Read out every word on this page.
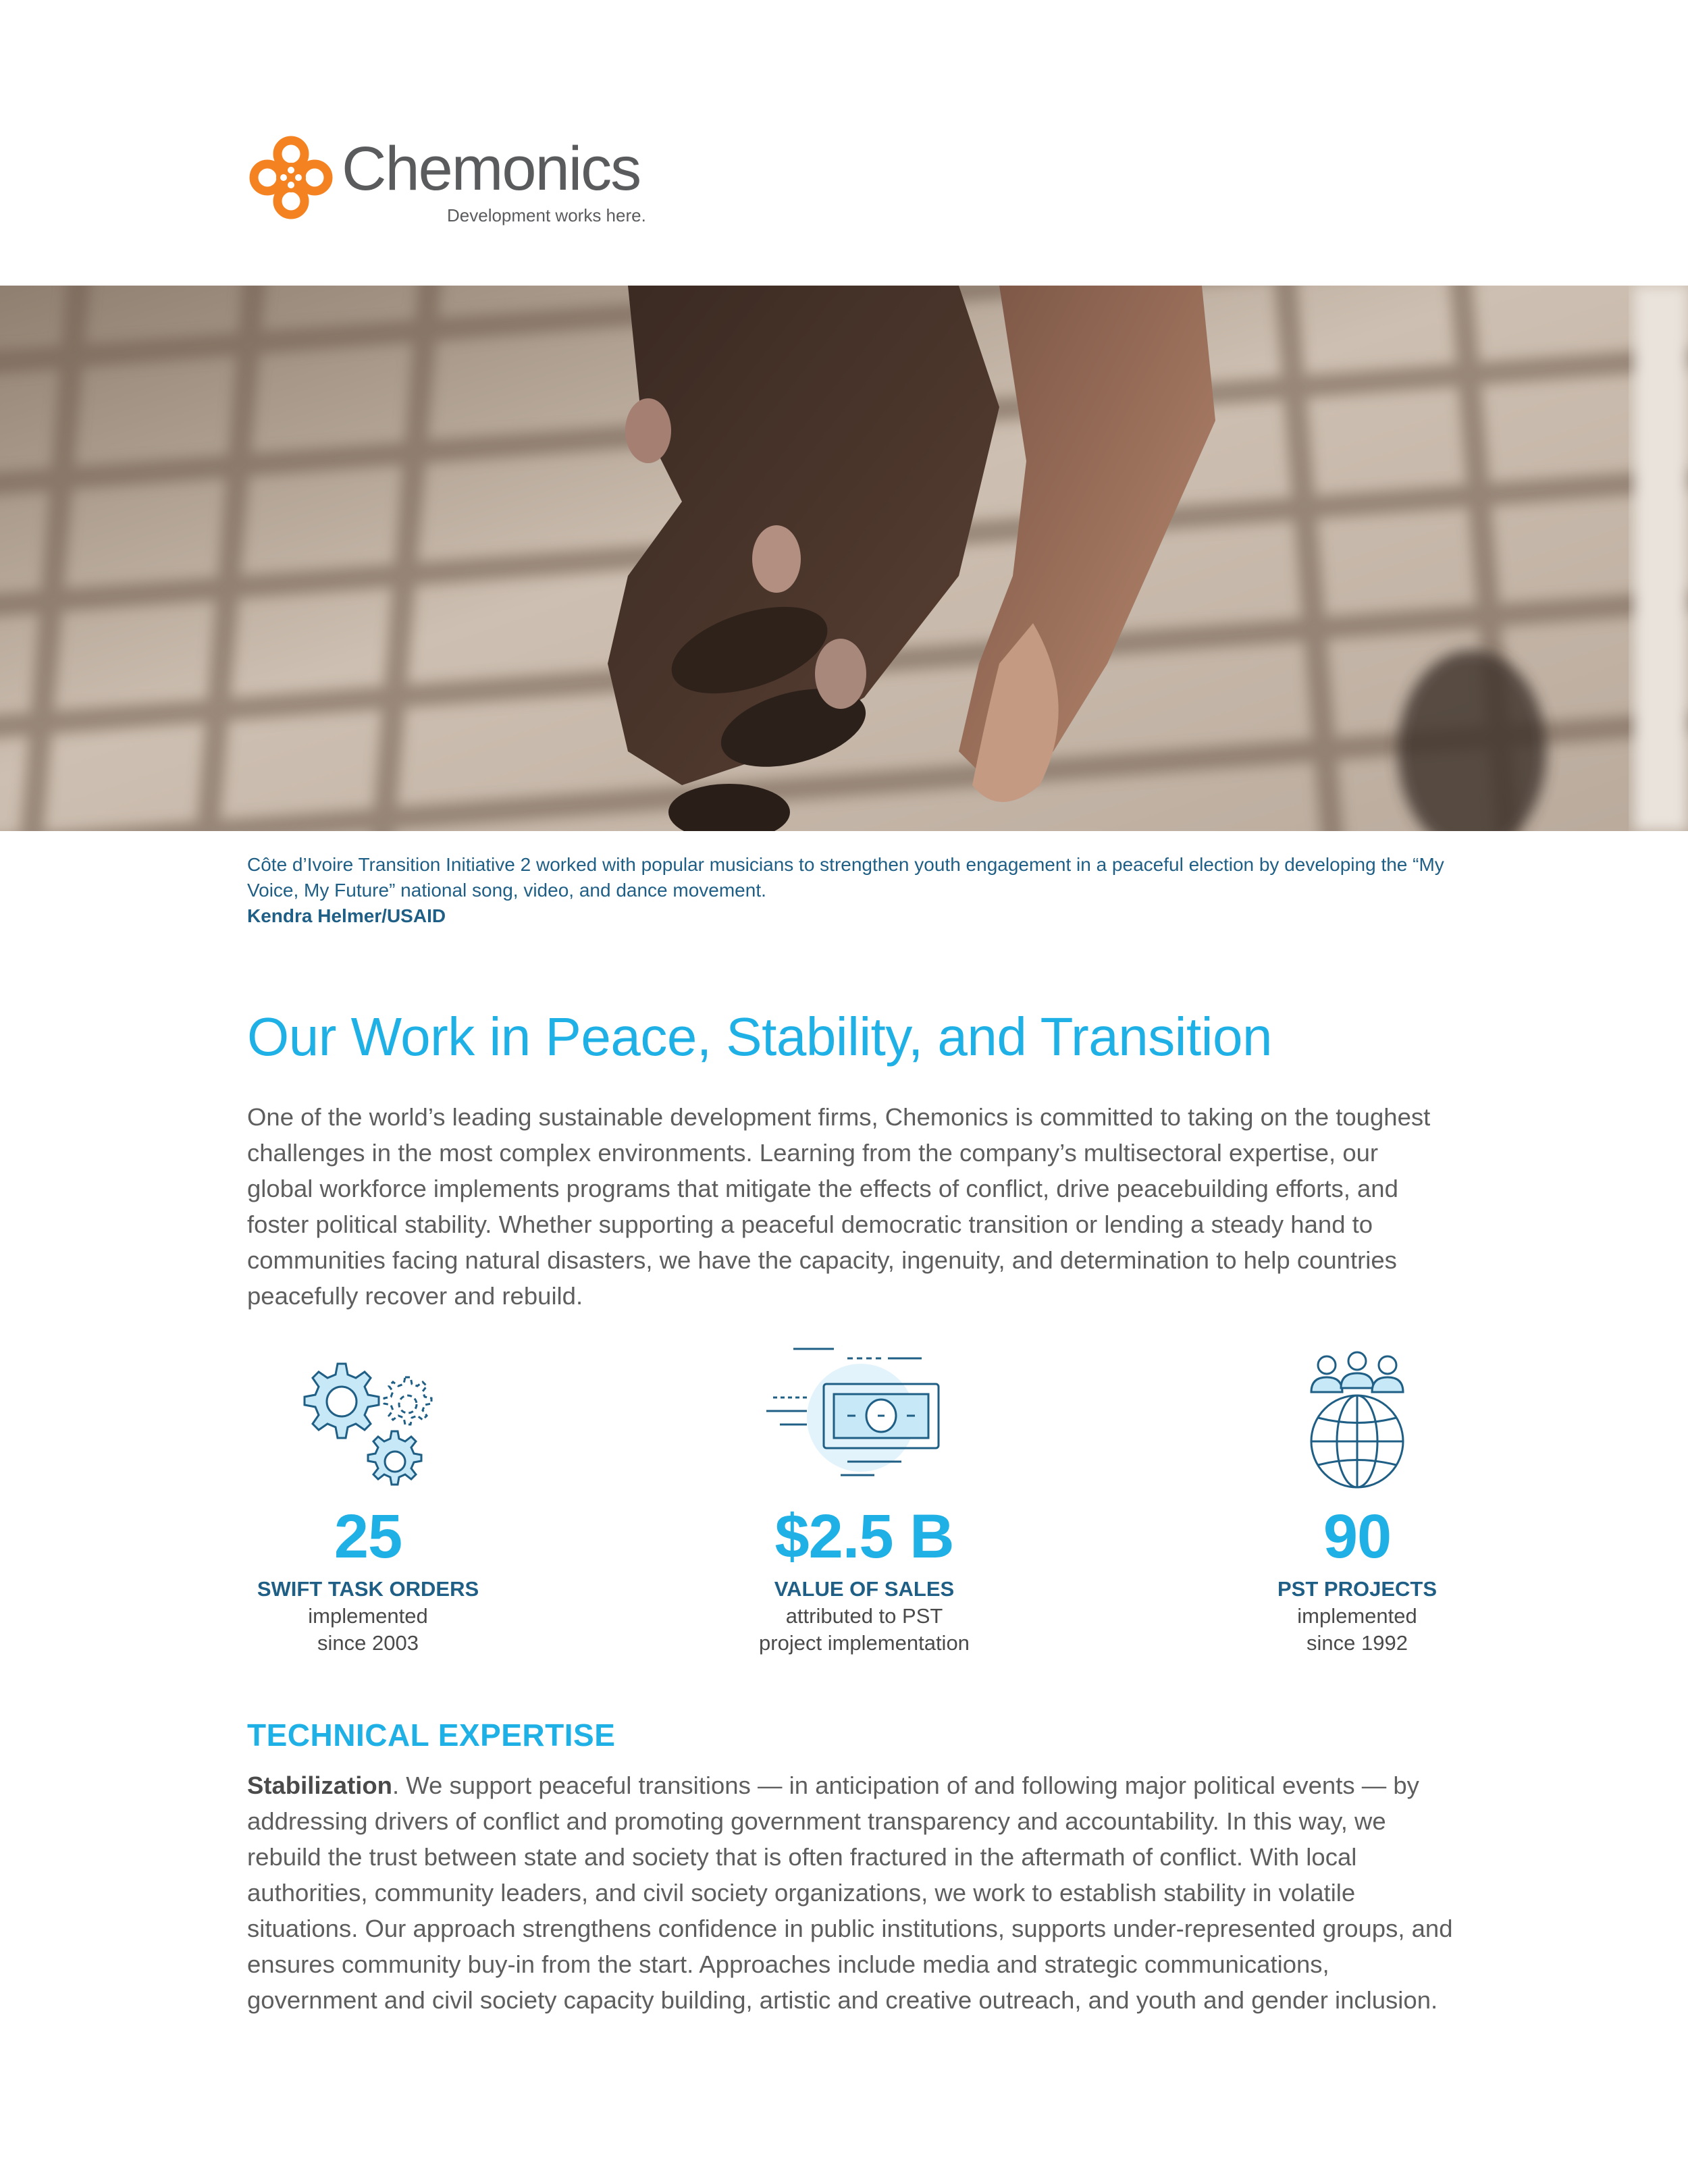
Chemonics
Development works here.
Côte d’Ivoire Transition Initiative 2 worked with popular musicians to strengthen youth engagement in a peaceful election by developing the “My Voice, My Future” national song, video, and dance movement.
Kendra Helmer/USAID
Our Work in Peace, Stability, and Transition
One of the world’s leading sustainable development firms, Chemonics is committed to taking on the toughest challenges in the most complex environments. Learning from the company’s multisectoral expertise, our global workforce implements programs that mitigate the effects of conflict, drive peacebuilding efforts, and foster political stability. Whether supporting a peaceful democratic transition or lending a steady hand to communities facing natural disasters, we have the capacity, ingenuity, and determination to help countries peacefully recover and rebuild.
25
SWIFT TASK ORDERS
implemented
since 2003
$2.5 B
VALUE OF SALES
attributed to PST
project implementation
90
PST PROJECTS
implemented
since 1992
TECHNICAL EXPERTISE
Stabilization. We support peaceful transitions — in anticipation of and following major political events — by addressing drivers of conflict and promoting government transparency and accountability. In this way, we rebuild the trust between state and society that is often fractured in the aftermath of conflict. With local authorities, community leaders, and civil society organizations, we work to establish stability in volatile situations. Our approach strengthens confidence in public institutions, supports under-represented groups, and ensures community buy-in from the start. Approaches include media and strategic communications, government and civil society capacity building, artistic and creative outreach, and youth and gender inclusion.
